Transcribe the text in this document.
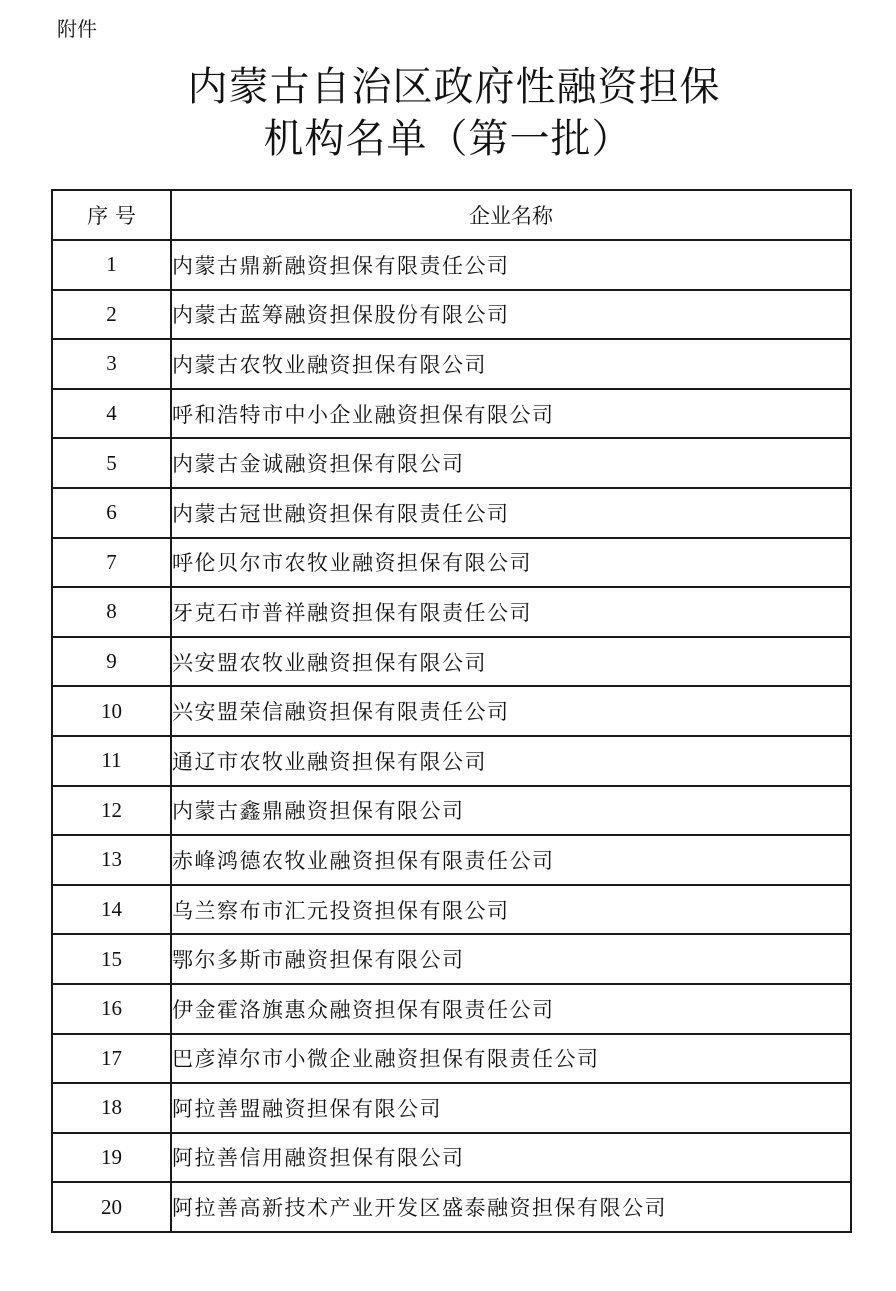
附件
内蒙古自治区政府性融资担保
机构名单（第一批）
序 号	企业名称
1	内蒙古鼎新融资担保有限责任公司
2	内蒙古蓝筹融资担保股份有限公司
3	内蒙古农牧业融资担保有限公司
4	呼和浩特市中小企业融资担保有限公司
5	内蒙古金诚融资担保有限公司
6	内蒙古冠世融资担保有限责任公司
7	呼伦贝尔市农牧业融资担保有限公司
8	牙克石市普祥融资担保有限责任公司
9	兴安盟农牧业融资担保有限公司
10	兴安盟荣信融资担保有限责任公司
11	通辽市农牧业融资担保有限公司
12	内蒙古鑫鼎融资担保有限公司
13	赤峰鸿德农牧业融资担保有限责任公司
14	乌兰察布市汇元投资担保有限公司
15	鄂尔多斯市融资担保有限公司
16	伊金霍洛旗惠众融资担保有限责任公司
17	巴彦淖尔市小微企业融资担保有限责任公司
18	阿拉善盟融资担保有限公司
19	阿拉善信用融资担保有限公司
20	阿拉善高新技术产业开发区盛泰融资担保有限公司
